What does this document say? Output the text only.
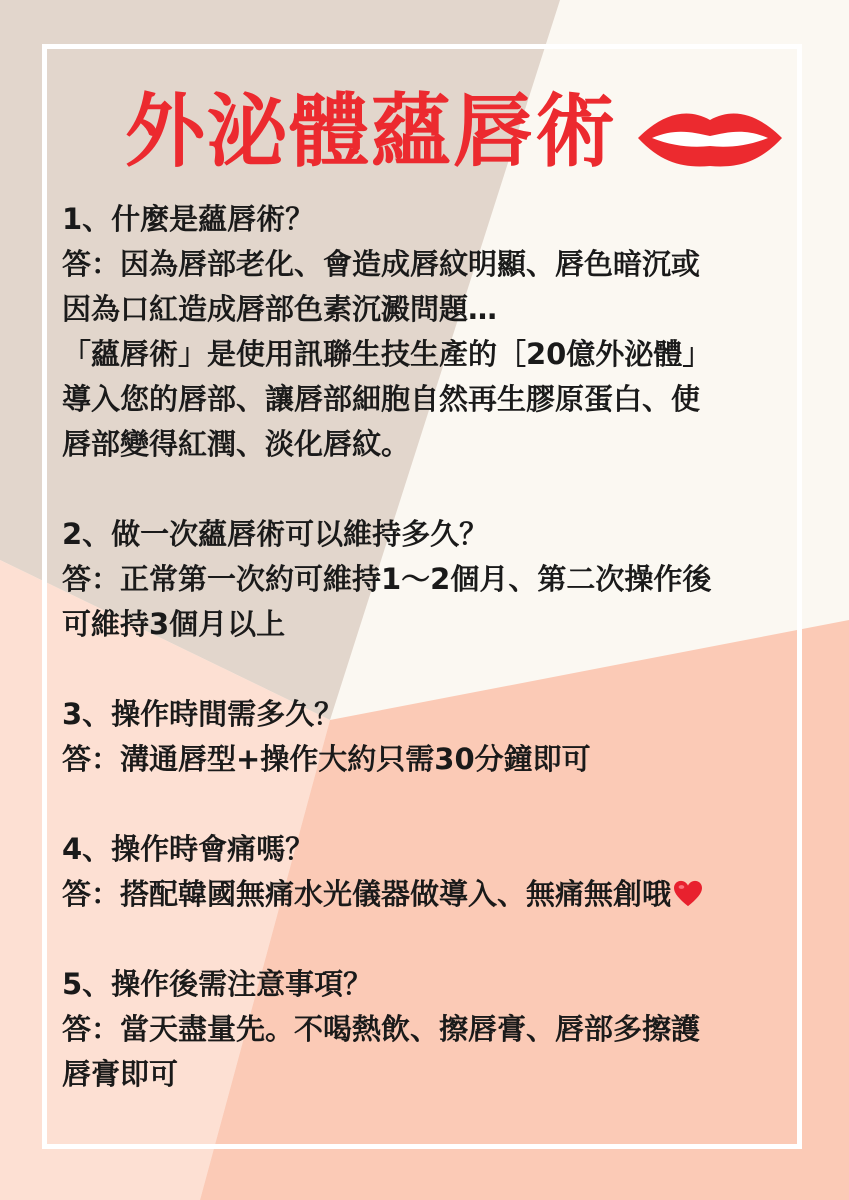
外泌體蘊唇術
1、什麼是蘊唇術？
答：因為唇部老化、會造成唇紋明顯、唇色暗沉或
因為口紅造成唇部色素沉澱問題…
「蘊唇術」是使用訊聯生技生產的［20億外泌體」
導入您的唇部、讓唇部細胞自然再生膠原蛋白、使
唇部變得紅潤、淡化唇紋。
2、做一次蘊唇術可以維持多久？
答：正常第一次約可維持1～2個月、第二次操作後
可維持3個月以上
3、操作時間需多久？
答：溝通唇型+操作大約只需30分鐘即可
4、操作時會痛嗎？
答：搭配韓國無痛水光儀器做導入、無痛無創哦
5、操作後需注意事項？
答：當天盡量先。不喝熱飲、擦唇膏、唇部多擦護
唇膏即可
